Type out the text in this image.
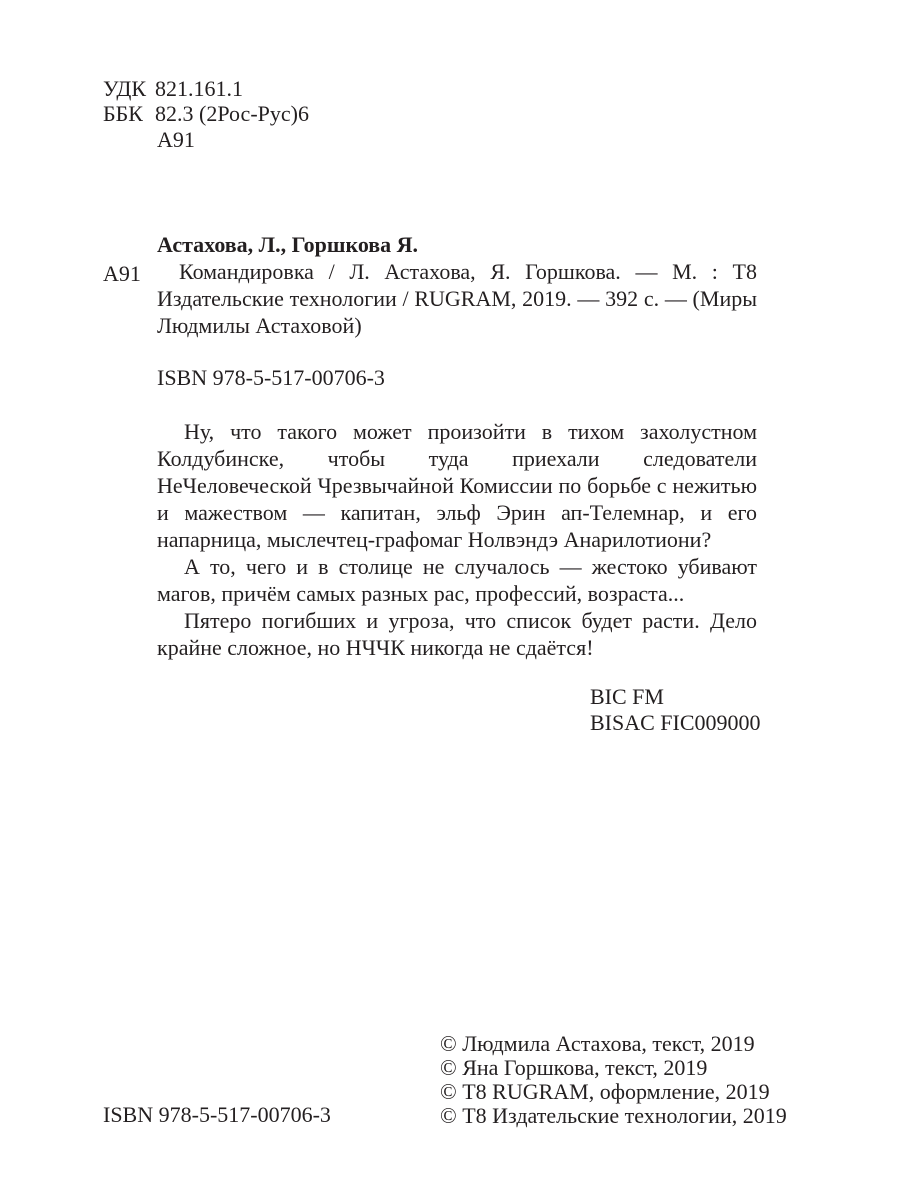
УДК 821.161.1
ББК 82.3 (2Рос-Рус)6
А91
Астахова, Л., Горшкова Я.
А91	Командировка / Л. Астахова, Я. Горшкова. — М. : Т8 Издательские технологии / RUGRAM, 2019. — 392 с. — (Миры Людмилы Астаховой)
ISBN 978-5-517-00706-3

Ну, что такого может произойти в тихом захолустном Колдубинске, чтобы туда приехали следователи НеЧеловеческой Чрезвычайной Комиссии по борьбе с нежитью и мажеством — капитан, эльф Эрин ап-Телемнар, и его напарница, мыслечтец-графомаг Нолвэндэ Анарилотиони?

А то, чего и в столице не случалось — жестоко убивают магов, причём самых разных рас, профессий, возраста...

Пятеро погибших и угроза, что список будет расти. Дело крайне сложное, но НЧЧК никогда не сдаётся!

BIC FM
BISAC FIC009000
ISBN 978-5-517-00706-3
© Людмила Астахова, текст, 2019
© Яна Горшкова, текст, 2019
© Т8 RUGRAM, оформление, 2019
© Т8 Издательские технологии, 2019
